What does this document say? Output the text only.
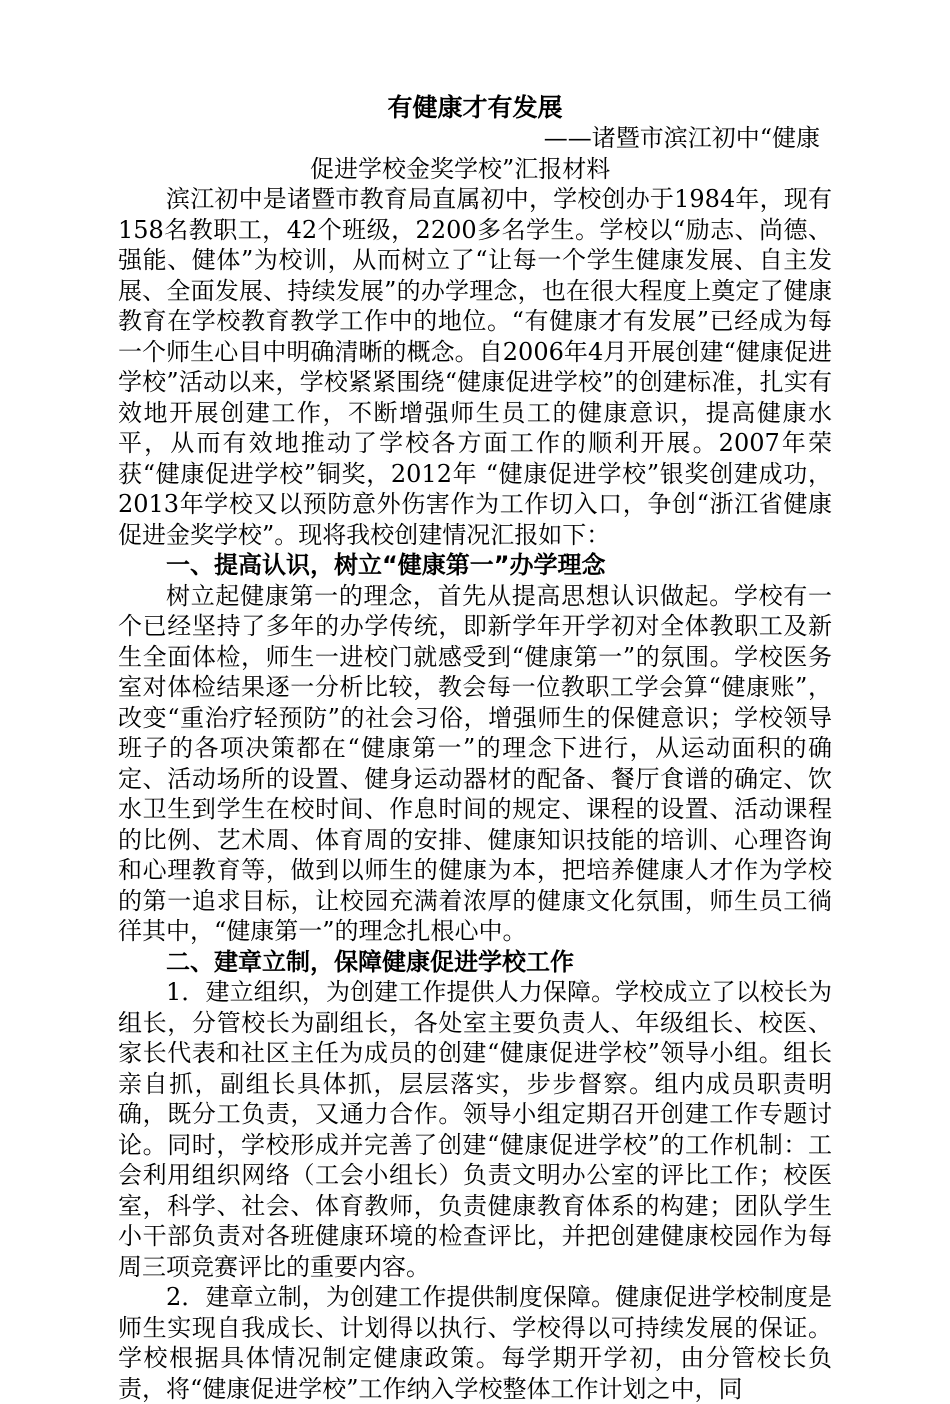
有健康才有发展
——诸暨市滨江初中“健康
促进学校金奖学校”汇报材料

滨江初中是诸暨市教育局直属初中，学校创办于1984年，现有158名教职工，42个班级，2200多名学生。学校以“励志、尚德、强能、健体”为校训，从而树立了“让每一个学生健康发展、自主发展、全面发展、持续发展”的办学理念，也在很大程度上奠定了健康教育在学校教育教学工作中的地位。“有健康才有发展”已经成为每一个师生心目中明确清晰的概念。自2006年4月开展创建“健康促进学校”活动以来，学校紧紧围绕“健康促进学校”的创建标准，扎实有效地开展创建工作，不断增强师生员工的健康意识，提高健康水平，从而有效地推动了学校各方面工作的顺利开展。2007年荣获“健康促进学校”铜奖，2012年 “健康促进学校”银奖创建成功，2013年学校又以预防意外伤害作为工作切入口，争创“浙江省健康促进金奖学校”。现将我校创建情况汇报如下：

一、提高认识，树立“健康第一”办学理念

树立起健康第一的理念，首先从提高思想认识做起。学校有一个已经坚持了多年的办学传统，即新学年开学初对全体教职工及新生全面体检，师生一进校门就感受到“健康第一”的氛围。学校医务室对体检结果逐一分析比较，教会每一位教职工学会算“健康账”，改变“重治疗轻预防”的社会习俗，增强师生的保健意识；学校领导班子的各项决策都在“健康第一”的理念下进行，从运动面积的确定、活动场所的设置、健身运动器材的配备、餐厅食谱的确定、饮水卫生到学生在校时间、作息时间的规定、课程的设置、活动课程的比例、艺术周、体育周的安排、健康知识技能的培训、心理咨询和心理教育等，做到以师生的健康为本，把培养健康人才作为学校的第一追求目标，让校园充满着浓厚的健康文化氛围，师生员工徜徉其中，“健康第一”的理念扎根心中。

二、建章立制，保障健康促进学校工作

1．建立组织，为创建工作提供人力保障。学校成立了以校长为组长，分管校长为副组长，各处室主要负责人、年级组长、校医、家长代表和社区主任为成员的创建“健康促进学校”领导小组。组长亲自抓，副组长具体抓，层层落实，步步督察。组内成员职责明确，既分工负责，又通力合作。领导小组定期召开创建工作专题讨论。同时，学校形成并完善了创建“健康促进学校”的工作机制：工会利用组织网络（工会小组长）负责文明办公室的评比工作；校医室，科学、社会、体育教师，负责健康教育体系的构建；团队学生小干部负责对各班健康环境的检查评比，并把创建健康校园作为每周三项竞赛评比的重要内容。

2．建章立制，为创建工作提供制度保障。健康促进学校制度是师生实现自我成长、计划得以执行、学校得以可持续发展的保证。学校根据具体情况制定健康政策。每学期开学初，由分管校长负责，将“健康促进学校”工作纳入学校整体工作计划之中，同
